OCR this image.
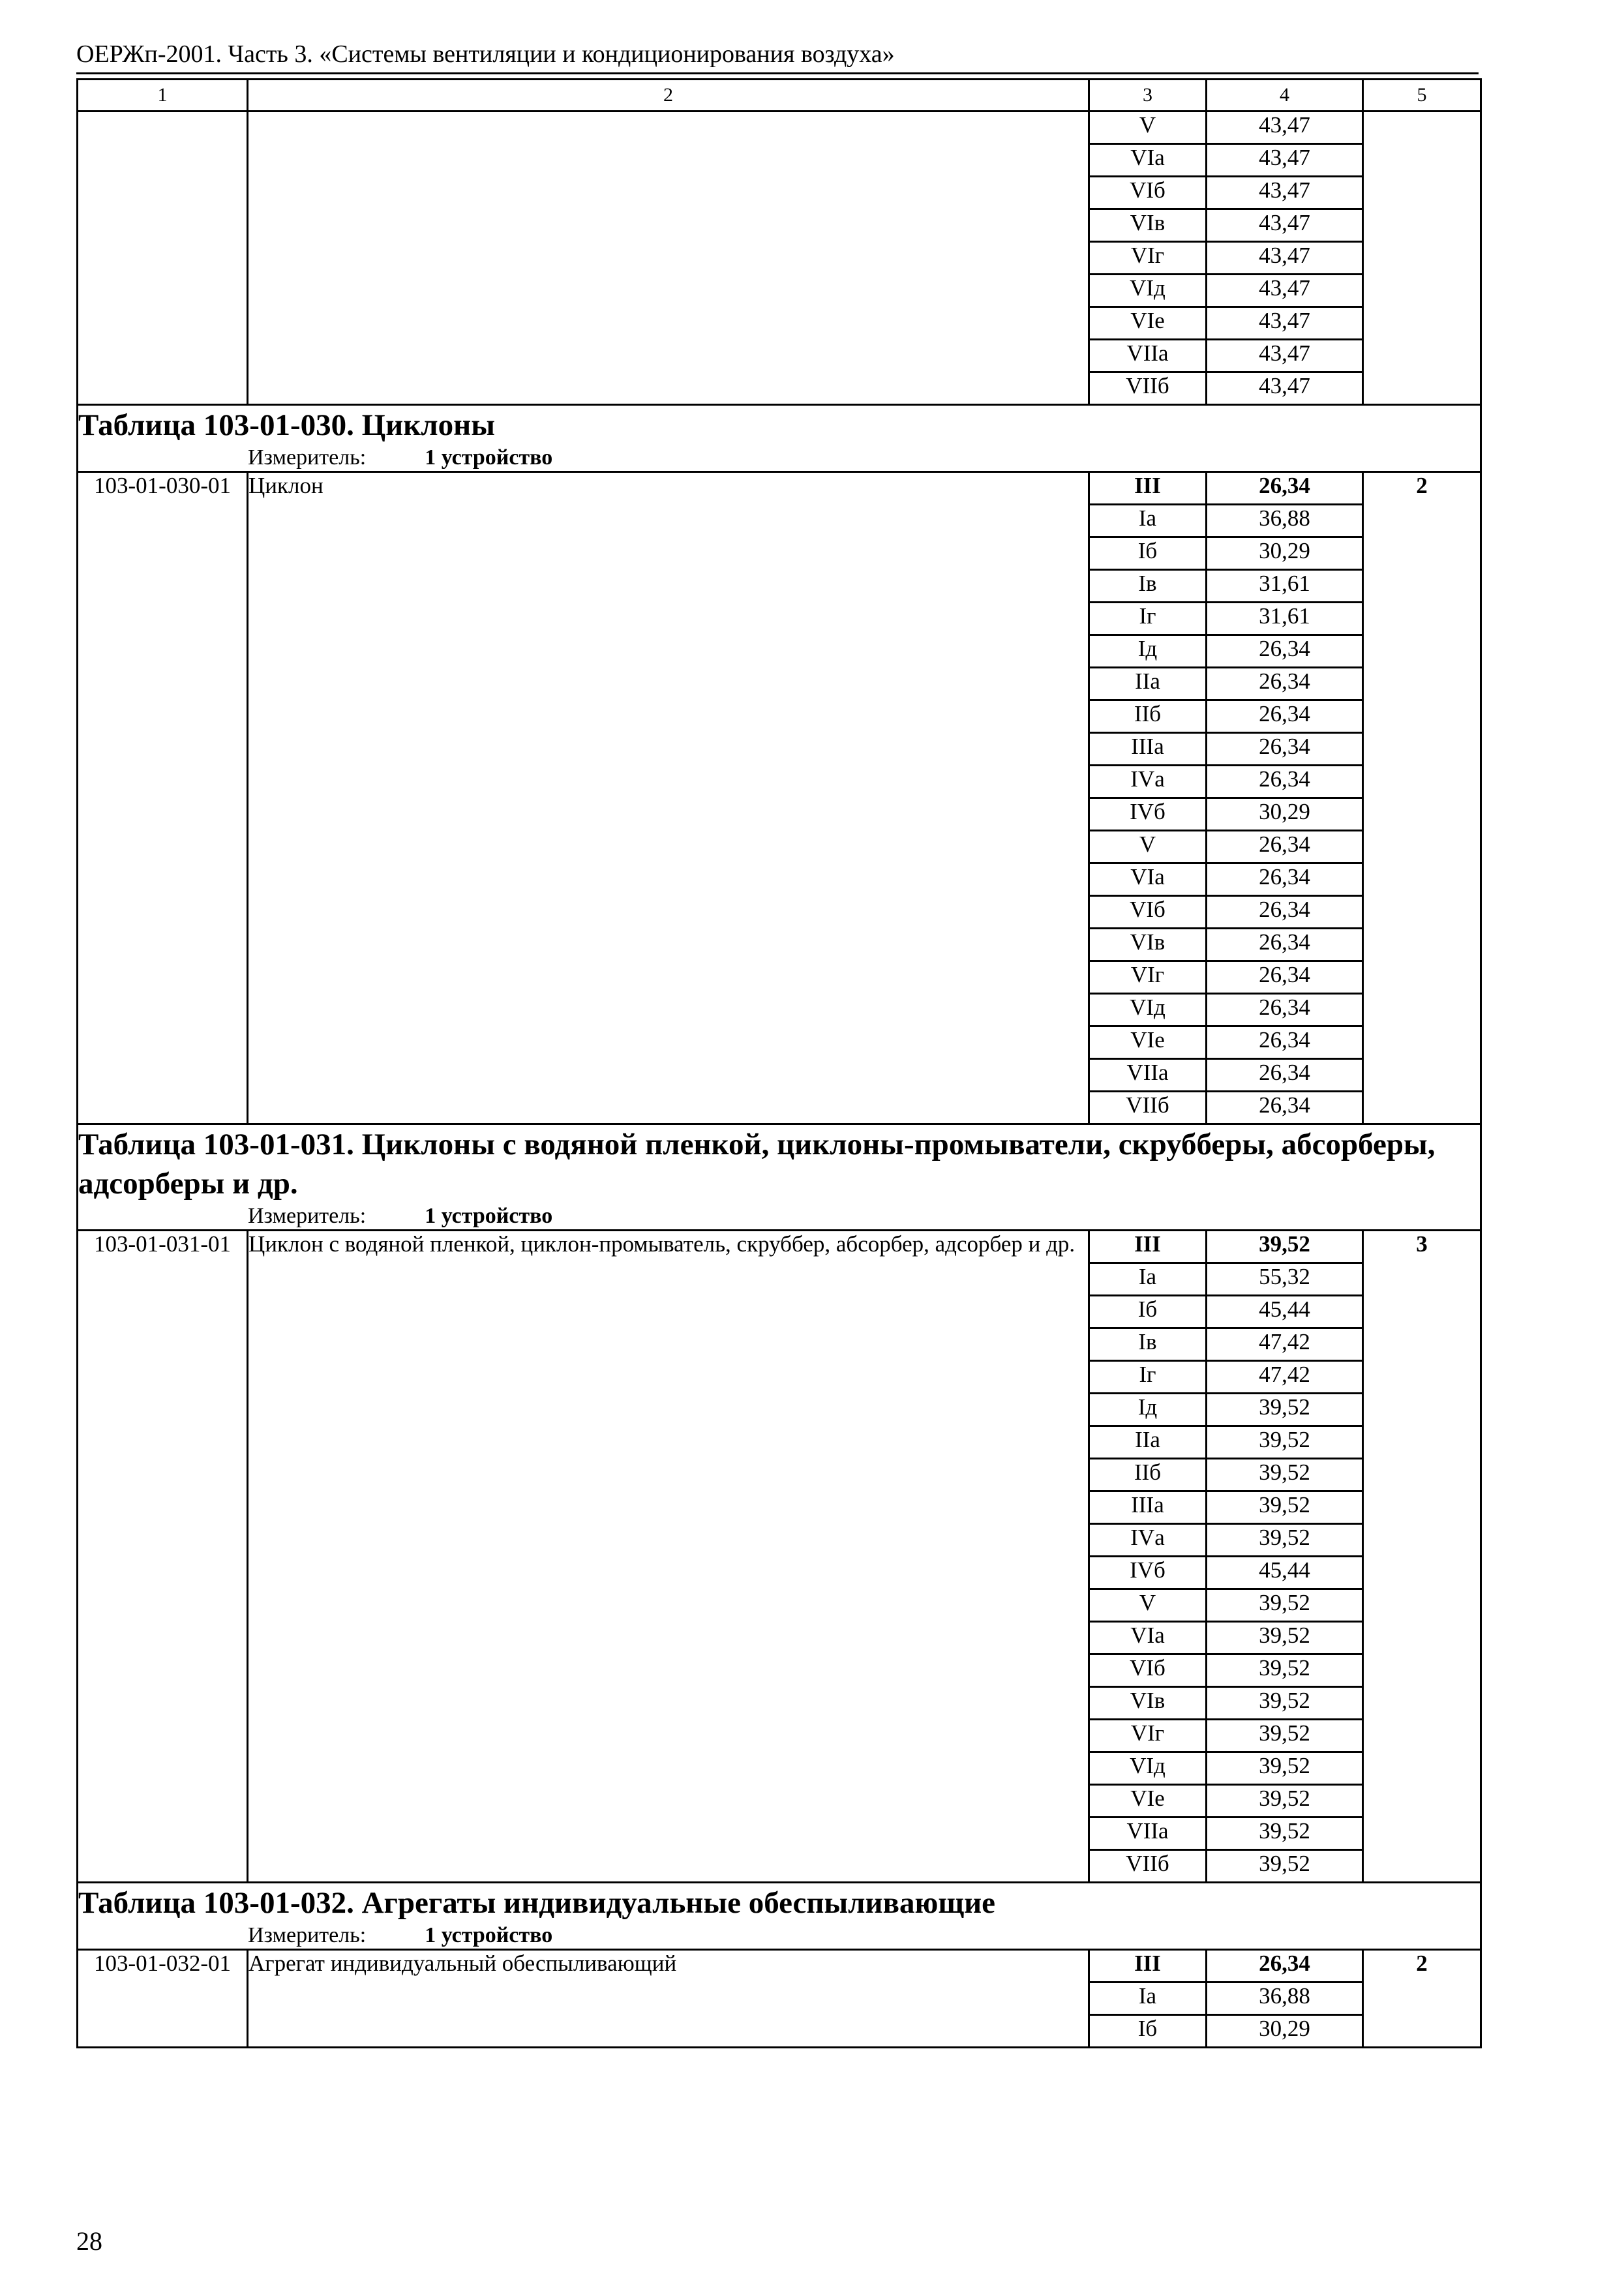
ОЕРЖп-2001. Часть 3. «Системы вентиляции и кондиционирования воздуха»
1	2	3	4	5
		V	43,47	
		VIа	43,47	
		VIб	43,47	
		VIв	43,47	
		VIг	43,47	
		VIд	43,47	
		VIе	43,47	
		VIIа	43,47	
		VIIб	43,47	

Таблица 103-01-030. Циклоны
Измеритель: 1 устройство				

103-01-030-01	Циклон	III	26,34	2
		Iа	36,88	
		Iб	30,29	
		Iв	31,61	
		Iг	31,61	
		Iд	26,34	
		IIа	26,34	
		IIб	26,34	
		IIIа	26,34	
		IVа	26,34	
		IVб	30,29	
		V	26,34	
		VIа	26,34	
		VIб	26,34	
		VIв	26,34	
		VIг	26,34	
		VIд	26,34	
		VIе	26,34	
		VIIа	26,34	
		VIIб	26,34	

Таблица 103-01-031. Циклоны с водяной пленкой, циклоны-промыватели, скрубберы, абсорберы, адсорберы и др.
Измеритель: 1 устройство				

103-01-031-01	Циклон с водяной пленкой, циклон-промыватель, скруббер, абсорбер, адсорбер и др.	III	39,52	3
		Iа	55,32	
		Iб	45,44	
		Iв	47,42	
		Iг	47,42	
		Iд	39,52	
		IIа	39,52	
		IIб	39,52	
		IIIа	39,52	
		IVа	39,52	
		IVб	45,44	
		V	39,52	
		VIа	39,52	
		VIб	39,52	
		VIв	39,52	
		VIг	39,52	
		VIд	39,52	
		VIе	39,52	
		VIIа	39,52	
		VIIб	39,52	

Таблица 103-01-032. Агрегаты индивидуальные обеспыливающие
Измеритель: 1 устройство				

103-01-032-01	Агрегат индивидуальный обеспыливающий	III	26,34	2
		Iа	36,88	
		Iб	30,29	
28
